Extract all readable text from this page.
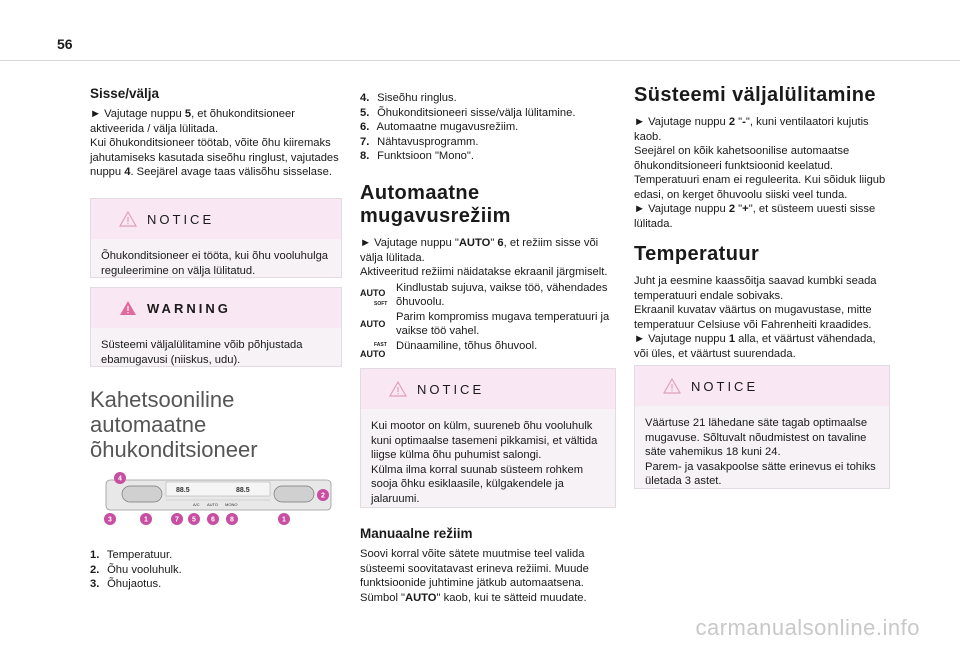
56
Sisse/välja

► Vajutage nuppu 5, et õhukonditsioneer aktiveerida / välja lülitada.
Kui õhukonditsioneer töötab, võite õhu kiiremaks jahutamiseks kasutada siseõhu ringlust, vajutades nuppu 4. Seejärel avage taas välisõhu sisselase.

NOTICE
Õhukonditsioneer ei tööta, kui õhu vooluhulga reguleerimine on välja lülitatud.
WARNING
Süsteemi väljalülitamine võib põhjustada ebamugavusi (niiskus, udu).
Kahetsooniline automaatne õhukonditsioneer
88.5	88.5
A/C AUTO MONO
4
2
3	1	7 5 6 8	1
1. Temperatuur.
2. Õhu vooluhulk.
3. Õhujaotus.
4. Siseõhu ringlus.
5. Õhukonditsioneeri sisse/välja lülitamine.
6. Automaatne mugavusrežiim.
7. Nähtavusprogramm.
8. Funktsioon "Mono".
Automaatne mugavusrežiim

► Vajutage nuppu "AUTO" 6, et režiim sisse või välja lülitada.
Aktiveeritud režiimi näidatakse ekraanil järgmiselt.

AUTO
SOFT
Kindlustab sujuva, vaikse töö, vähendades õhuvoolu.
AUTO
Parim kompromiss mugava temperatuuri ja vaikse töö vahel.
FAST
AUTO
Dünaamiline, tõhus õhuvool.
NOTICE
Kui mootor on külm, suureneb õhu vooluhulk kuni optimaalse tasemeni pikkamisi, et vältida liigse külma õhu puhumist salongi.
Külma ilma korral suunab süsteem rohkem sooja õhku esiklaasile, külgakendele ja jalaruumi.
Manuaalne režiim

Soovi korral võite sätete muutmise teel valida süsteemi soovitatavast erineva režiimi. Muude funktsioonide juhtimine jätkub automaatsena.
Sümbol "AUTO" kaob, kui te sätteid muudate.

Süsteemi väljalülitamine

► Vajutage nuppu 2 "-", kuni ventilaatori kujutis kaob.
Seejärel on kõik kahetsoonilise automaatse õhukonditsioneeri funktsioonid keelatud.
Temperatuuri enam ei reguleerita. Kui sõiduk liigub edasi, on kerget õhuvoolu siiski veel tunda.
► Vajutage nuppu 2 "+", et süsteem uuesti sisse lülitada.

Temperatuur

Juht ja eesmine kaassõitja saavad kumbki seada temperatuuri endale sobivaks.
Ekraanil kuvatav väärtus on mugavustase, mitte temperatuur Celsiuse või Fahrenheiti kraadides.
► Vajutage nuppu 1 alla, et väärtust vähendada, või üles, et väärtust suurendada.

NOTICE
Väärtuse 21 lähedane säte tagab optimaalse mugavuse. Sõltuvalt nõudmistest on tavaline säte vahemikus 18 kuni 24.
Parem- ja vasakpoolse sätte erinevus ei tohiks ületada 3 astet.
carmanualsonline.info
